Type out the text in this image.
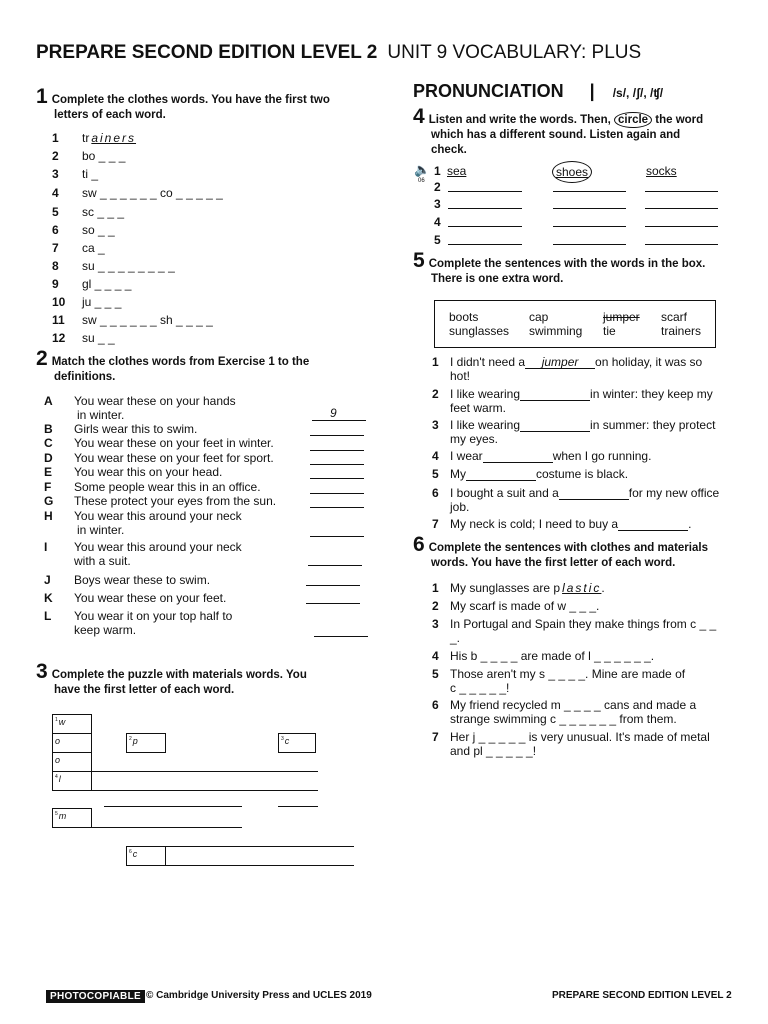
PREPARE SECOND EDITION LEVEL 2 UNIT 9 VOCABULARY: PLUS
1 Complete the clothes words. You have the first two
letters of each word.
1 tr ainers
2 bo _ _ _
3 ti _
4 sw _ _ _ _ _ _ co _ _ _ _ _
5 sc _ _ _
6 so _ _
7 ca _
8 su _ _ _ _ _ _ _ _
9 gl _ _ _ _
10 ju _ _ _
11 sw _ _ _ _ _ _ sh _ _ _ _
12 su _ _
2 Match the clothes words from Exercise 1 to the
definitions.
A You wear these on your hands
in winter.	9
B Girls wear this to swim.
C You wear these on your feet in winter.
D You wear these on your feet for sport.
E You wear this on your head.
F Some people wear this in an office.
G These protect your eyes from the sun.
H You wear this around your neck
in winter.
I You wear this around your neck
with a suit.
J Boys wear these to swim.
K You wear these on your feet.
L You wear it on your top half to
keep warm.
3 Complete the puzzle with materials words. You
have the first letter of each word.
$^1$w
o
o
$^4$l
$^5$m
$^2$p	$^3$c
$^6$c
PRONUNCIATION | /s/, /ʃ/, /ʧ/
4 Listen and write the words. Then, circle the word
which has a different sound. Listen again and
check.
🔈
06
1 sea	shoes	socks
2
3
4
5
5 Complete the sentences with the words in the box.
There is one extra word.
boots	cap	jumper scarf
sunglasses swimming tie	trainers
1 I didn't need a jumper on holiday, it was so
hot!
2 I like wearing	in winter: they keep my
feet warm.
3 I like wearing	in summer: they protect
my eyes.
4 I wear	when I go running.
5 My	costume is black.
6 I bought a suit and a	for my new office
job.
7 My neck is cold; I need to buy a	.
6 Complete the sentences with clothes and materials
words. You have the first letter of each word.
1 My sunglasses are p lastic.
2 My scarf is made of w _ _ _.
3 In Portugal and Spain they make things from c _ _
_.
4 His b _ _ _ _ are made of l _ _ _ _ _ _.
5 Those aren't my s _ _ _ _. Mine are made of
c _ _ _ _ _!
6 My friend recycled m _ _ _ _ cans and made a
strange swimming c _ _ _ _ _ _ from them.
7 Her j _ _ _ _ _ is very unusual. It's made of metal
and pl _ _ _ _ _!
PHOTOCOPIABLE © Cambridge University Press and UCLES 2019	PREPARE SECOND EDITION LEVEL 2
